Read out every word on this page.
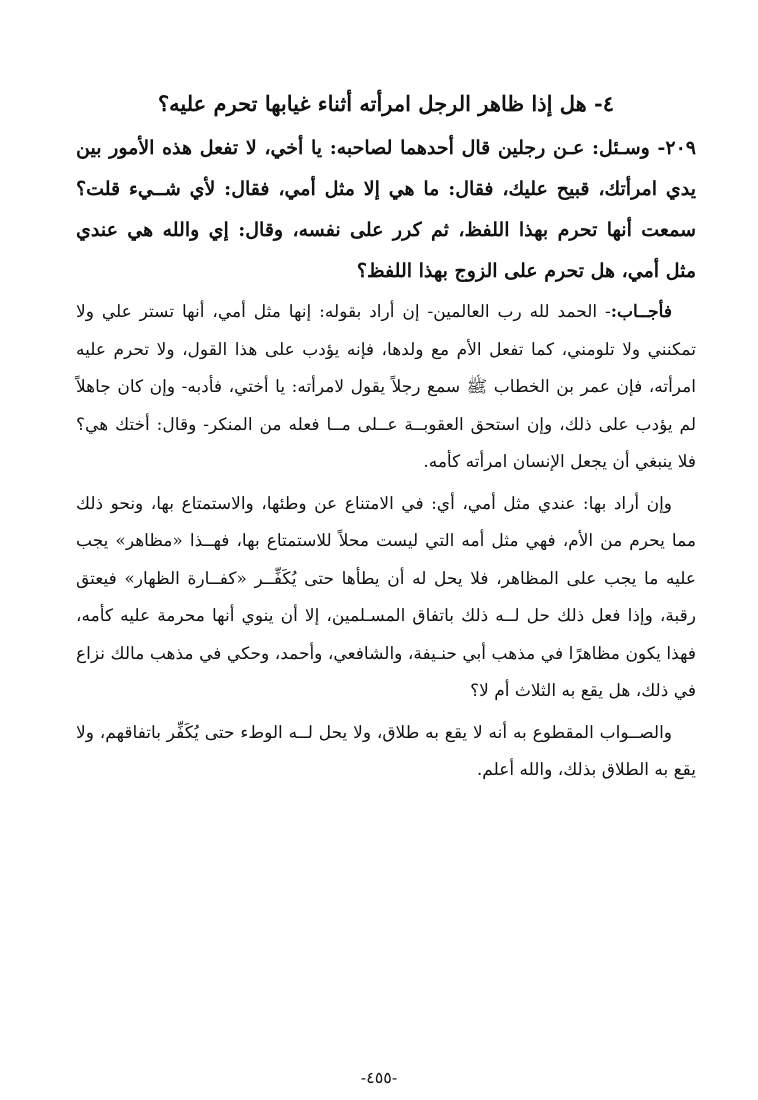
٤- هل إذا ظاهر الرجل امرأته أثناء غيابها تحرم عليه؟
٢٠٩- وسـئل: عـن رجلين قال أحدهما لصاحبه: يا أخي، لا تفعل هذه الأمور بين يدي امرأتك، قبيح عليك، فقال: ما هي إلا مثل أمي، فقال: لأي شــيء قلت؟ سمعت أنها تحرم بهذا اللفظ، ثم كرر على نفسه، وقال: إي والله هي عندي مثل أمي، هل تحرم على الزوج بهذا اللفظ؟
فأجــاب:- الحمد لله رب العالمين- إن أراد بقوله: إنها مثل أمي، أنها تستر علي ولا تمكنني ولا تلومني، كما تفعل الأم مع ولدها، فإنه يؤدب على هذا القول، ولا تحرم عليه امرأته، فإن عمر بن الخطاب ﷺ سمع رجلاً يقول لامرأته: يا أختي، فأدبه- وإن كان جاهلاً لم يؤدب على ذلك، وإن استحق العقوبــة عــلى مــا فعله من المنكر- وقال: أختك هي؟ فلا ينبغي أن يجعل الإنسان امرأته كأمه.
وإن أراد بها: عندي مثل أمي، أي: في الامتناع عن وطئها، والاستمتاع بها، ونحو ذلك مما يحرم من الأم، فهي مثل أمه التي ليست محلاً للاستمتاع بها، فهــذا «مظاهر» يجب عليه ما يجب على المظاهر، فلا يحل له أن يطأها حتى يُكَفِّــر «كفــارة الظهار» فيعتق رقبة، وإذا فعل ذلك حل لــه ذلك باتفاق المسـلمين، إلا أن ينوي أنها محرمة عليه كأمه، فهذا يكون مظاهرًا في مذهب أبي حنـيفة، والشافعي، وأحمد، وحكي في مذهب مالك نزاع في ذلك، هل يقع به الثلاث أم لا؟
والصــواب المقطوع به أنه لا يقع به طلاق، ولا يحل لــه الوطء حتى يُكَفِّر باتفاقهم، ولا يقع به الطلاق بذلك، والله أعلم.
-٤٥٥-
